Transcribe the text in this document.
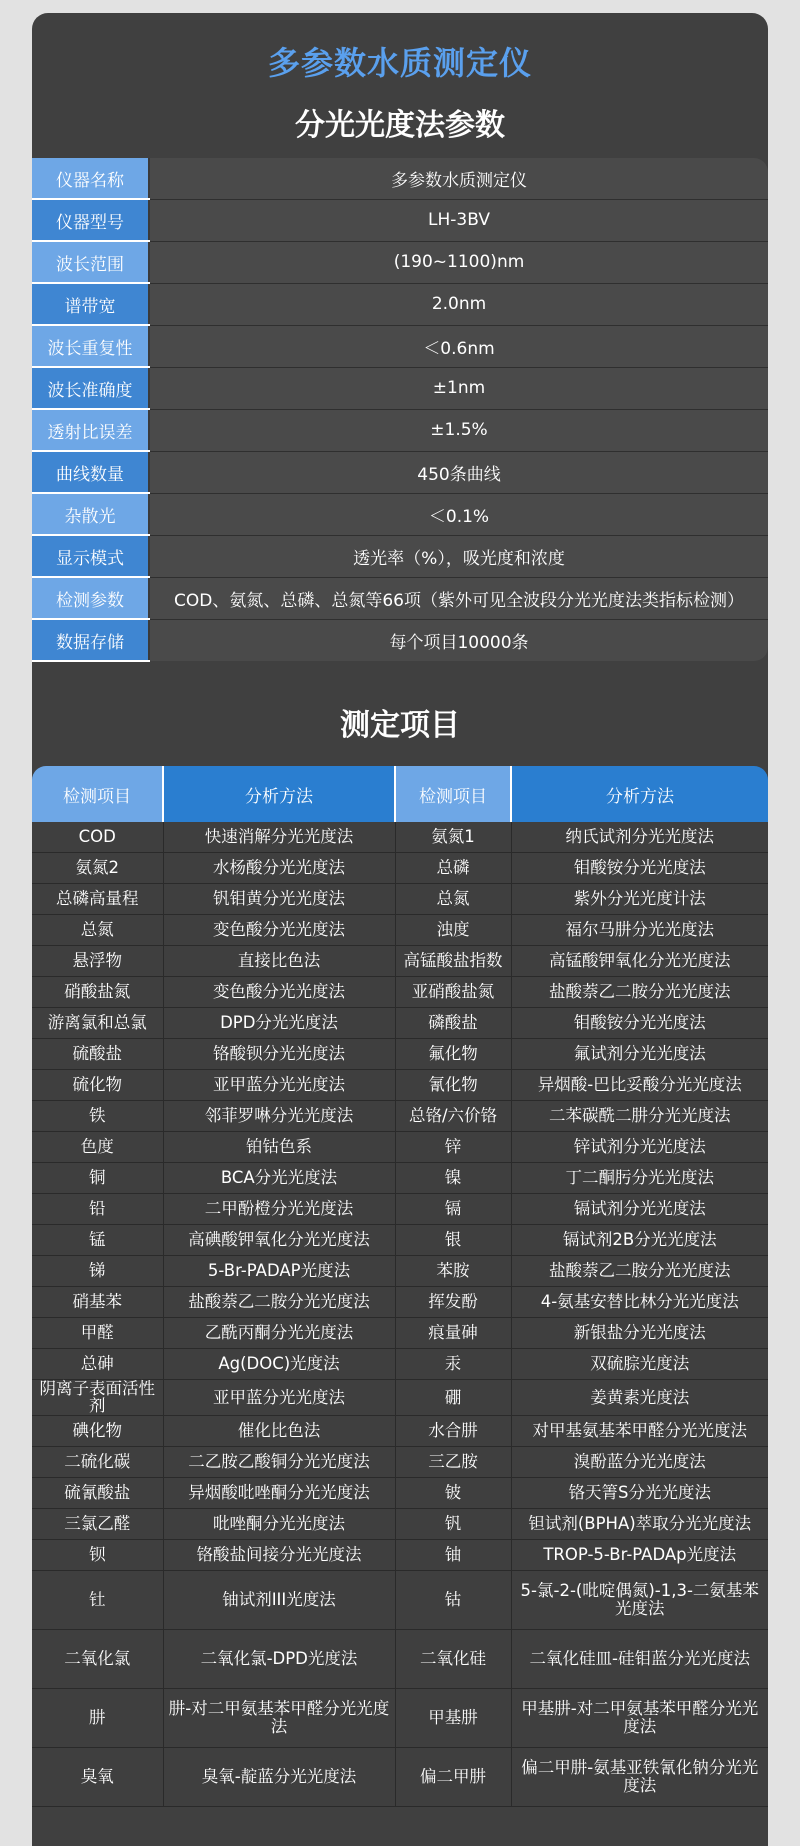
多参数水质测定仪
分光光度法参数
仪器名称	多参数水质测定仪
仪器型号	LH-3BV
波长范围	(190~1100)nm
谱带宽	2.0nm
波长重复性	＜0.6nm
波长准确度	±1nm
透射比误差	±1.5%
曲线数量	450条曲线
杂散光	＜0.1%
显示模式	透光率（%），吸光度和浓度
检测参数	COD、氨氮、总磷、总氮等66项（紫外可见全波段分光光度法类指标检测）
数据存储	每个项目10000条
测定项目
检测项目	分析方法	检测项目	分析方法
COD	快速消解分光光度法	氨氮1	纳氏试剂分光光度法
氨氮2	水杨酸分光光度法	总磷	钼酸铵分光光度法
总磷高量程	钒钼黄分光光度法	总氮	紫外分光光度计法
总氮	变色酸分光光度法	浊度	福尔马肼分光光度法
悬浮物	直接比色法	高锰酸盐指数	高锰酸钾氧化分光光度法
硝酸盐氮	变色酸分光光度法	亚硝酸盐氮	盐酸萘乙二胺分光光度法
游离氯和总氯	DPD分光光度法	磷酸盐	钼酸铵分光光度法
硫酸盐	铬酸钡分光光度法	氟化物	氟试剂分光光度法
硫化物	亚甲蓝分光光度法	氰化物	异烟酸-巴比妥酸分光光度法
铁	邻菲罗啉分光光度法	总铬/六价铬	二苯碳酰二肼分光光度法
色度	铂钴色系	锌	锌试剂分光光度法
铜	BCA分光光度法	镍	丁二酮肟分光光度法
铅	二甲酚橙分光光度法	镉	镉试剂分光光度法
锰	高碘酸钾氧化分光光度法	银	镉试剂2B分光光度法
锑	5-Br-PADAP光度法	苯胺	盐酸萘乙二胺分光光度法
硝基苯	盐酸萘乙二胺分光光度法	挥发酚	4-氨基安替比林分光光度法
甲醛	乙酰丙酮分光光度法	痕量砷	新银盐分光光度法
总砷	Ag(DOC)光度法	汞	双硫腙光度法
阴离子表面活性剂	亚甲蓝分光光度法	硼	姜黄素光度法
碘化物	催化比色法	水合肼	对甲基氨基苯甲醛分光光度法
二硫化碳	二乙胺乙酸铜分光光度法	三乙胺	溴酚蓝分光光度法
硫氰酸盐	异烟酸吡唑酮分光光度法	铍	铬天箐S分光光度法
三氯乙醛	吡唑酮分光光度法	钒	钽试剂(BPHA)萃取分光光度法
钡	铬酸盐间接分光光度法	铀	TROP-5-Br-PADAp光度法
钍	铀试剂III光度法	钴	5-氯-2-(吡啶偶氮)-1,3-二氨基苯光度法
二氧化氯	二氧化氯-DPD光度法	二氧化硅	二氧化硅皿-硅钼蓝分光光度法
肼	肼-对二甲氨基苯甲醛分光光度法	甲基肼	甲基肼-对二甲氨基苯甲醛分光光度法
臭氧	臭氧-靛蓝分光光度法	偏二甲肼	偏二甲肼-氨基亚铁氰化钠分光光度法
